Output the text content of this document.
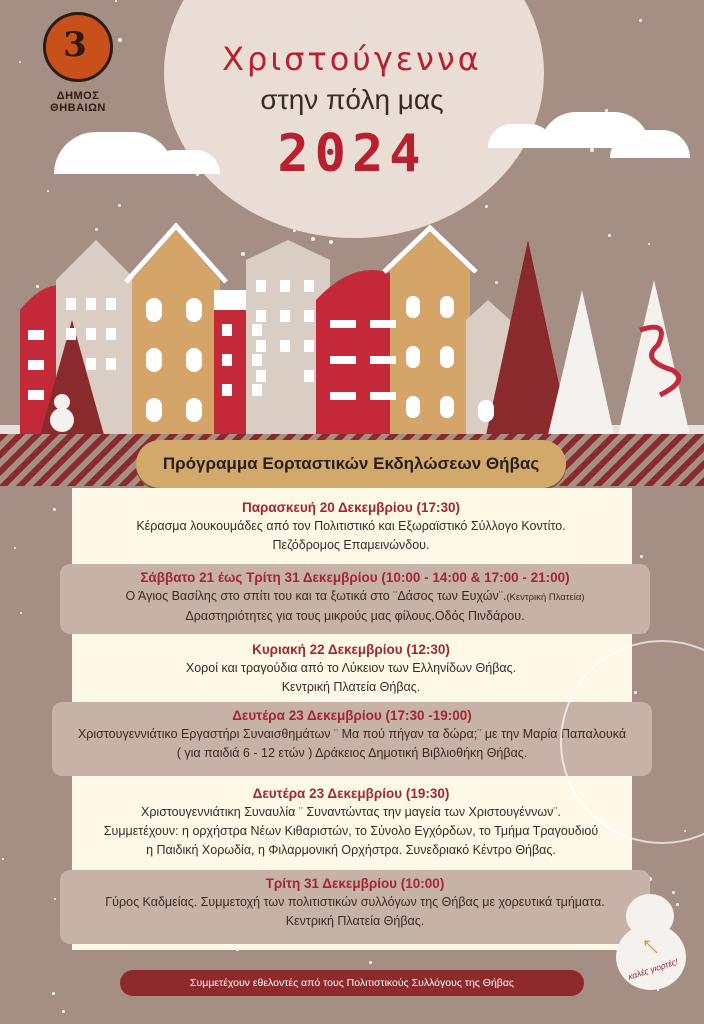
3
ΔΗΜΟΣ ΘΗΒΑΙΩΝ
Χριστούγεννα
στην πόλη μας
2024
Πρόγραμμα Εορταστικών Εκδηλώσεων Θήβας
Παρασκευή 20 Δεκεμβρίου (17:30)
Κέρασμα λουκουμάδες από τον Πολιτιστικό και Εξωραϊστικό Σύλλογο Κοντίτο.
Πεζόδρομος Επαμεινώνδου.
Σάββατο 21 έως Τρίτη 31 Δεκεμβρίου (10:00 - 14:00 & 17:00 - 21:00)
Ο Άγιος Βασίλης στο σπίτι του και τα ξωτικά στο ¨Δάσος των Ευχών¨.(Κεντρική Πλατεία)
Δραστηριότητες για τους μικρούς μας φίλους.Οδός Πινδάρου.
Κυριακή 22 Δεκεμβρίου (12:30)
Χοροί και τραγούδια από το Λύκειον των Ελληνίδων Θήβας.
Κεντρική Πλατεία Θήβας.
Δευτέρα 23 Δεκεμβρίου (17:30 -19:00)
Χριστουγεννιάτικο Εργαστήρι Συναισθημάτων ¨ Μα πού πήγαν τα δώρα;¨ με την Μαρία Παπαλουκά
( για παιδιά 6 - 12 ετών ) Δράκειος Δημοτική Βιβλιοθήκη Θήβας.
Δευτέρα 23 Δεκεμβρίου (19:30)
Χριστουγεννιάτικη Συναυλία ¨ Συναντώντας την μαγεία των Χριστουγέννων¨.
Συμμετέχουν: η ορχήστρα Νέων Κιθαριστών, το Σύνολο Εγχόρδων, το Τμήμα Τραγουδιού
η Παιδική Χορωδία, η Φιλαρμονική Ορχήστρα. Συνεδριακό Κέντρο Θήβας.
Τρίτη 31 Δεκεμβρίου (10:00)
Γύρος Καδμείας. Συμμετοχή των πολιτιστικών συλλόγων της Θήβας με χορευτικά τμήματα.
Κεντρική Πλατεία Θήβας.
Συμμετέχουν εθελοντές από τους Πολιτιστικούς Συλλόγους της Θήβας
↑
καλές γιορτές!
